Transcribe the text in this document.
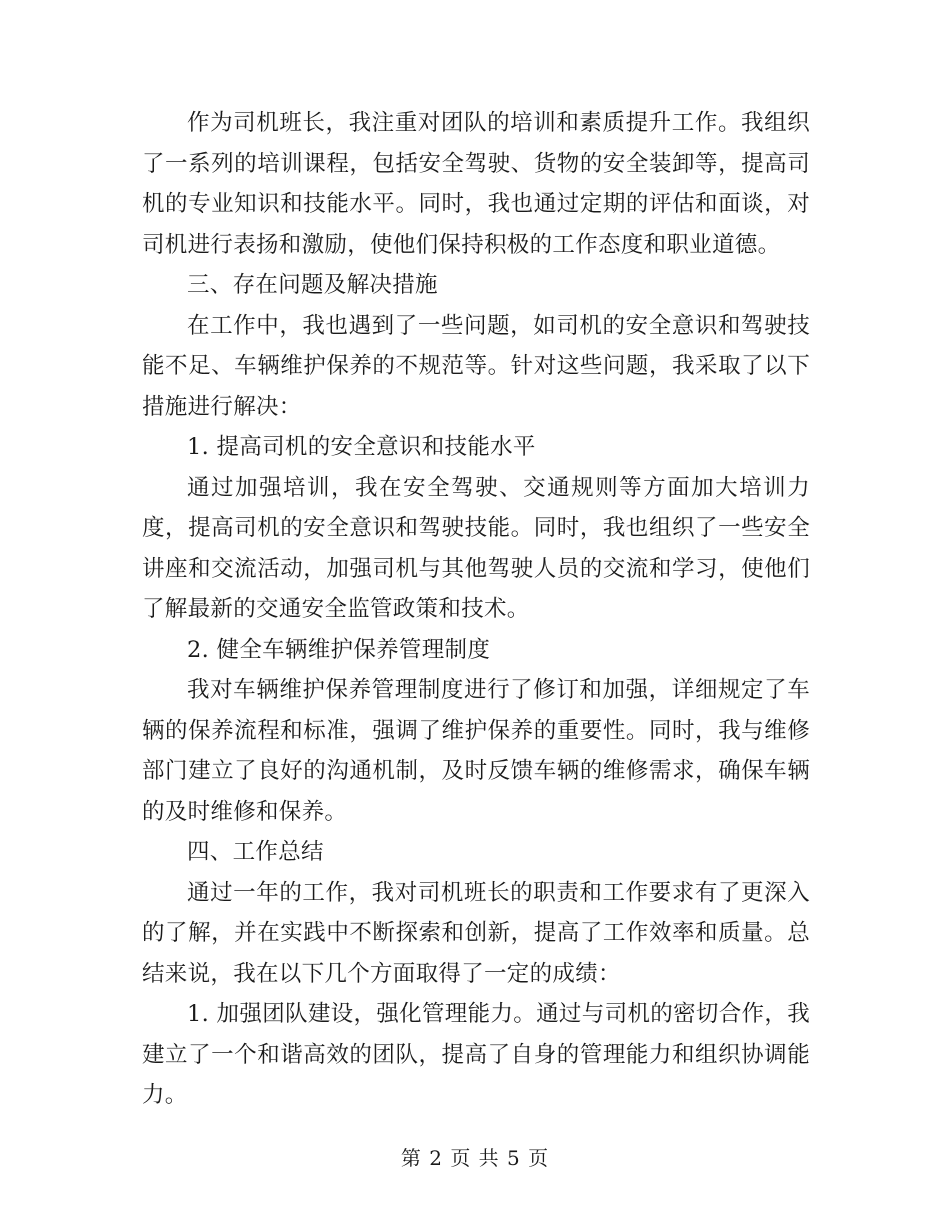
作为司机班长，我注重对团队的培训和素质提升工作。我组织了一系列的培训课程，包括安全驾驶、货物的安全装卸等，提高司机的专业知识和技能水平。同时，我也通过定期的评估和面谈，对司机进行表扬和激励，使他们保持积极的工作态度和职业道德。

三、存在问题及解决措施

在工作中，我也遇到了一些问题，如司机的安全意识和驾驶技能不足、车辆维护保养的不规范等。针对这些问题，我采取了以下措施进行解决：

1. 提高司机的安全意识和技能水平

通过加强培训，我在安全驾驶、交通规则等方面加大培训力度，提高司机的安全意识和驾驶技能。同时，我也组织了一些安全讲座和交流活动，加强司机与其他驾驶人员的交流和学习，使他们了解最新的交通安全监管政策和技术。

2. 健全车辆维护保养管理制度

我对车辆维护保养管理制度进行了修订和加强，详细规定了车辆的保养流程和标准，强调了维护保养的重要性。同时，我与维修部门建立了良好的沟通机制，及时反馈车辆的维修需求，确保车辆的及时维修和保养。

四、工作总结

通过一年的工作，我对司机班长的职责和工作要求有了更深入的了解，并在实践中不断探索和创新，提高了工作效率和质量。总结来说，我在以下几个方面取得了一定的成绩：

1. 加强团队建设，强化管理能力。通过与司机的密切合作，我建立了一个和谐高效的团队，提高了自身的管理能力和组织协调能力。

第 2 页 共 5 页
